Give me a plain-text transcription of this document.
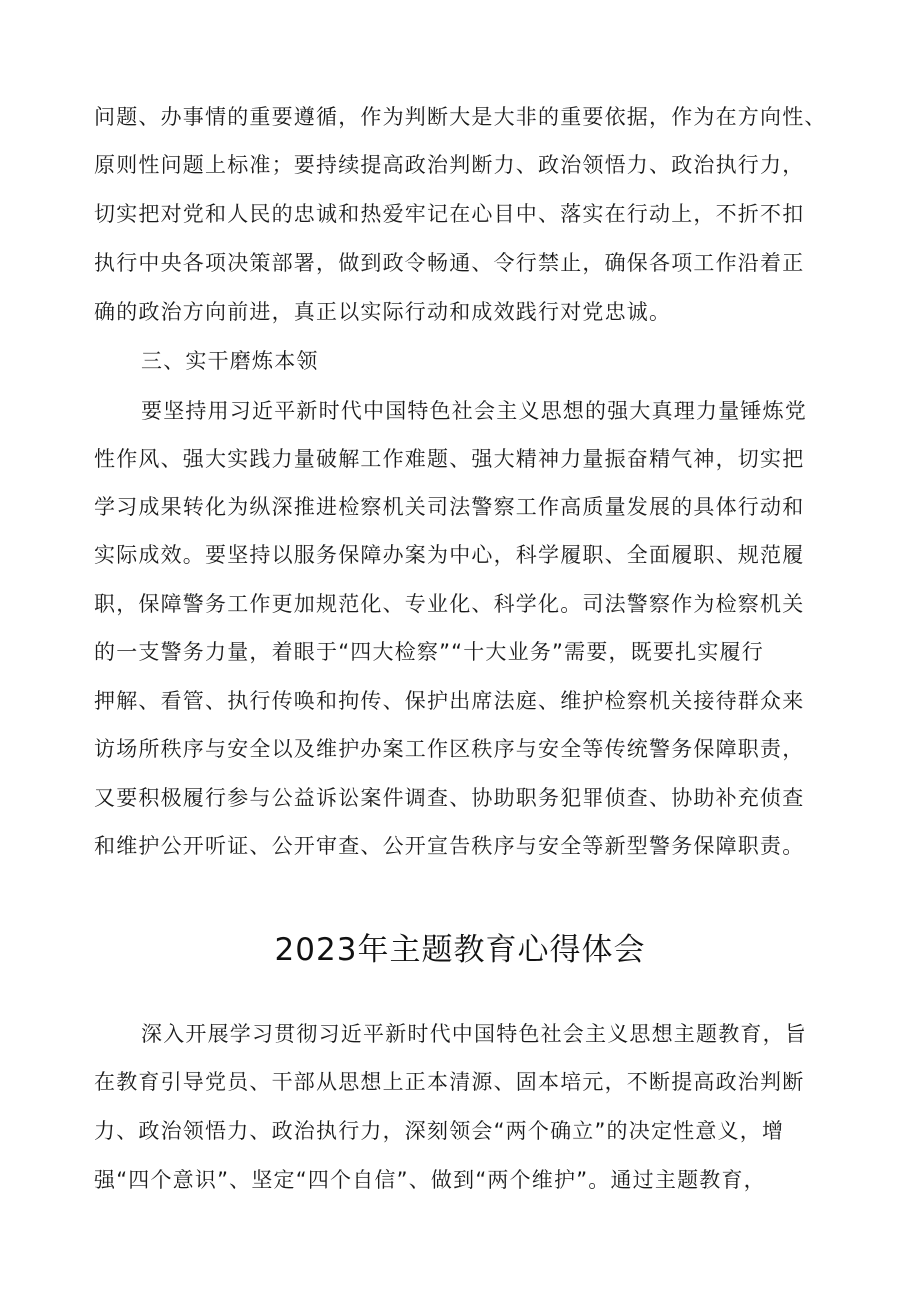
问题、办事情的重要遵循，作为判断大是大非的重要依据，作为在方向性、
原则性问题上标准；要持续提高政治判断力、政治领悟力、政治执行力，
切实把对党和人民的忠诚和热爱牢记在心目中、落实在行动上，不折不扣
执行中央各项决策部署，做到政令畅通、令行禁止，确保各项工作沿着正
确的政治方向前进，真正以实际行动和成效践行对党忠诚。
三、实干磨炼本领
要坚持用习近平新时代中国特色社会主义思想的强大真理力量锤炼党
性作风、强大实践力量破解工作难题、强大精神力量振奋精气神，切实把
学习成果转化为纵深推进检察机关司法警察工作高质量发展的具体行动和
实际成效。要坚持以服务保障办案为中心，科学履职、全面履职、规范履
职，保障警务工作更加规范化、专业化、科学化。司法警察作为检察机关
的一支警务力量，着眼于“四大检察”“十大业务”需要，既要扎实履行
押解、看管、执行传唤和拘传、保护出席法庭、维护检察机关接待群众来
访场所秩序与安全以及维护办案工作区秩序与安全等传统警务保障职责，
又要积极履行参与公益诉讼案件调查、协助职务犯罪侦查、协助补充侦查
和维护公开听证、公开审查、公开宣告秩序与安全等新型警务保障职责。
2023年主题教育心得体会
深入开展学习贯彻习近平新时代中国特色社会主义思想主题教育，旨
在教育引导党员、干部从思想上正本清源、固本培元，不断提高政治判断
力、政治领悟力、政治执行力，深刻领会“两个确立”的决定性意义，增
强“四个意识”、坚定“四个自信”、做到“两个维护”。通过主题教育，
